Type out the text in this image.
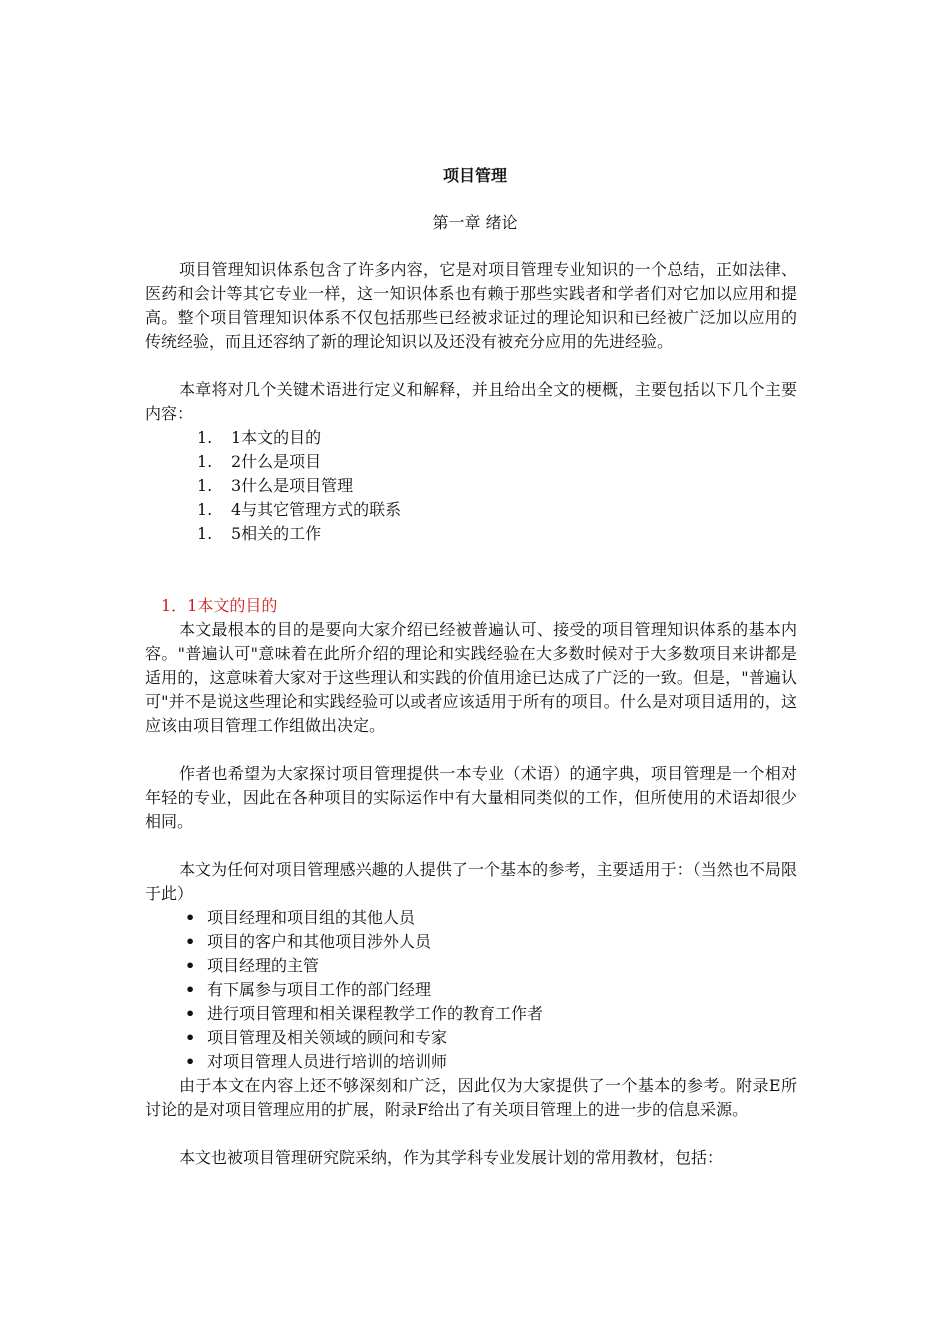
项目管理
第一章 绪论

项目管理知识体系包含了许多内容，它是对项目管理专业知识的一个总结，正如法律、医药和会计等其它专业一样，这一知识体系也有赖于那些实践者和学者们对它加以应用和提高。整个项目管理知识体系不仅包括那些已经被求证过的理论知识和已经被广泛加以应用的传统经验，而且还容纳了新的理论知识以及还没有被充分应用的先进经验。

本章将对几个关键术语进行定义和解释，并且给出全文的梗概，主要包括以下几个主要内容：

1. 1本文的目的
1. 2什么是项目
1. 3什么是项目管理
1. 4与其它管理方式的联系
1. 5相关的工作
1．1本文的目的

本文最根本的目的是要向大家介绍已经被普遍认可、接受的项目管理知识体系的基本内容。"普遍认可"意味着在此所介绍的理论和实践经验在大多数时候对于大多数项目来讲都是适用的，这意味着大家对于这些理认和实践的价值用途已达成了广泛的一致。但是，"普遍认可"并不是说这些理论和实践经验可以或者应该适用于所有的项目。什么是对项目适用的，这应该由项目管理工作组做出决定。

作者也希望为大家探讨项目管理提供一本专业（术语）的通字典，项目管理是一个相对年轻的专业，因此在各种项目的实际运作中有大量相同类似的工作，但所使用的术语却很少相同。

本文为任何对项目管理感兴趣的人提供了一个基本的参考，主要适用于：（当然也不局限于此）

• 项目经理和项目组的其他人员
• 项目的客户和其他项目涉外人员
• 项目经理的主管
• 有下属参与项目工作的部门经理
• 进行项目管理和相关课程教学工作的教育工作者
• 项目管理及相关领域的顾问和专家
• 对项目管理人员进行培训的培训师

由于本文在内容上还不够深刻和广泛，因此仅为大家提供了一个基本的参考。附录E所讨论的是对项目管理应用的扩展，附录F给出了有关项目管理上的进一步的信息采源。

本文也被项目管理研究院采纳，作为其学科专业发展计划的常用教材，包括：
